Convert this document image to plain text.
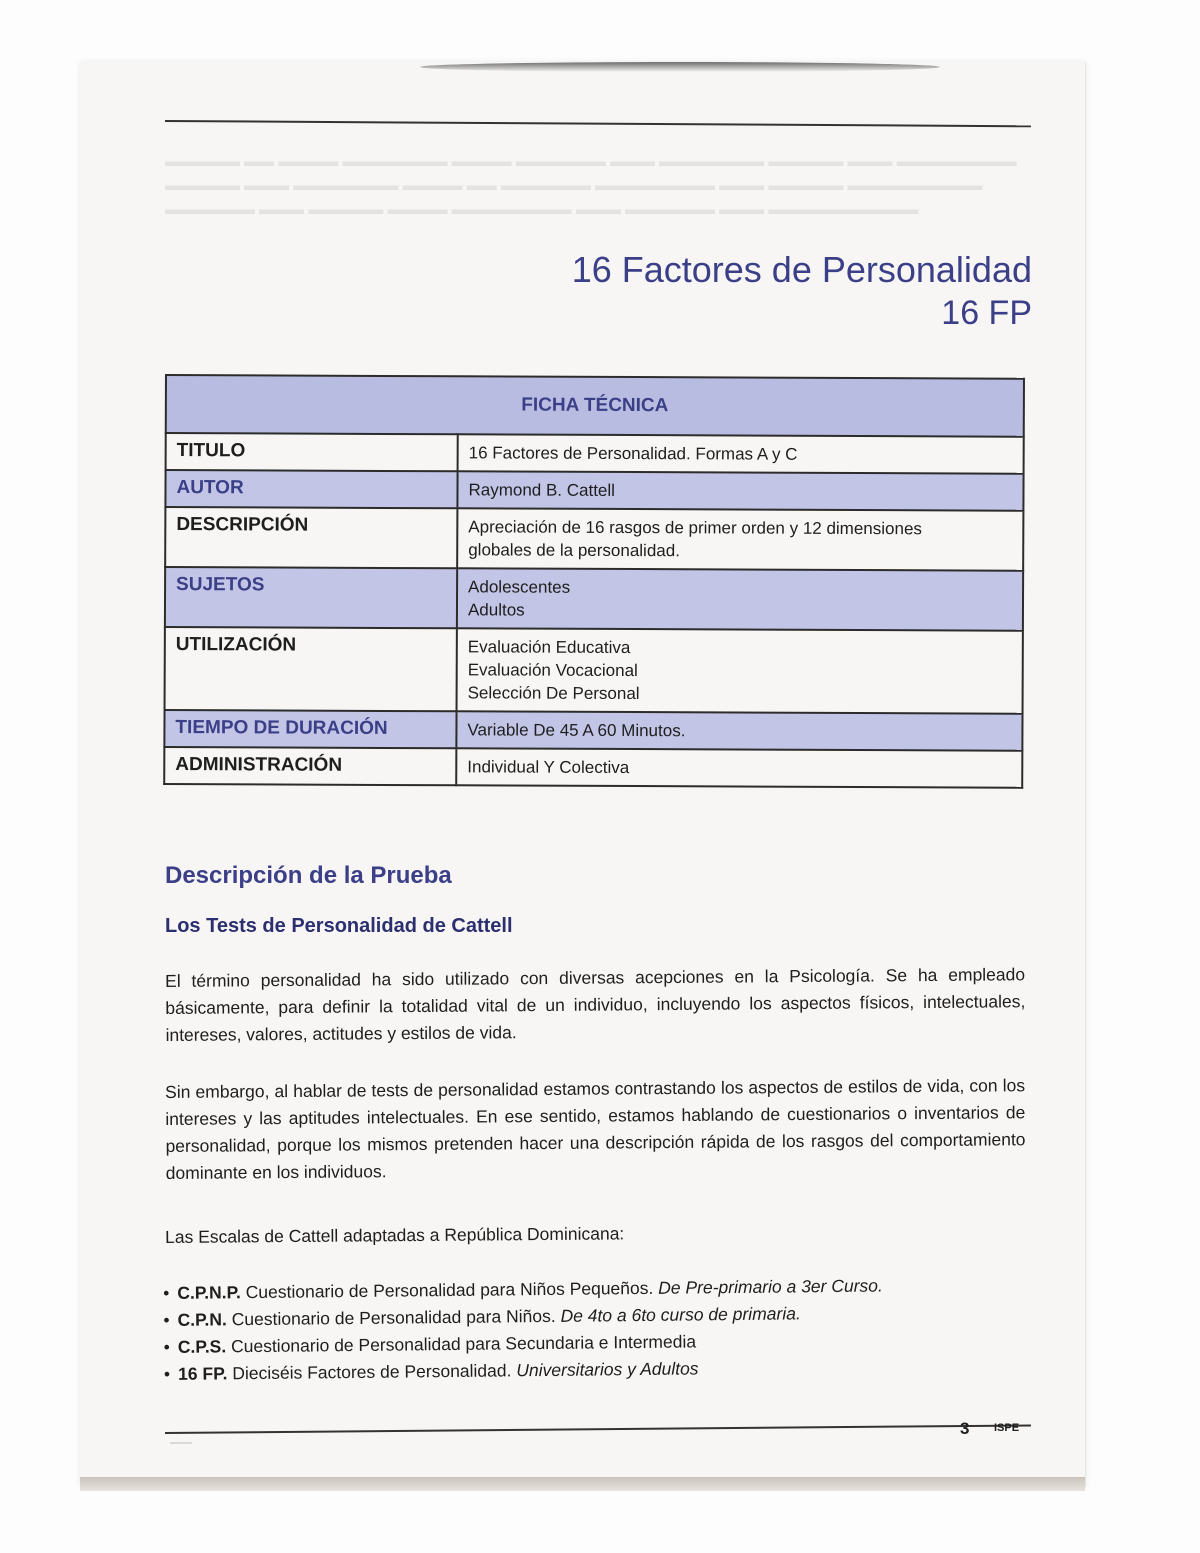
▬▬▬▬▬ ▬▬ ▬▬▬▬ ▬▬▬▬▬▬▬ ▬▬▬▬ ▬▬▬▬▬▬ ▬▬▬ ▬▬▬▬▬▬▬ ▬▬▬▬▬ ▬▬▬ ▬▬▬▬▬▬▬▬
▬▬▬▬▬ ▬▬▬ ▬▬▬▬▬▬▬ ▬▬▬▬ ▬▬ ▬▬▬▬▬▬ ▬▬▬▬▬▬▬▬ ▬▬▬ ▬▬▬▬▬ ▬▬▬▬▬▬▬▬▬
▬▬▬▬▬▬ ▬▬▬ ▬▬▬▬▬ ▬▬▬▬ ▬▬▬▬▬▬▬▬ ▬▬▬ ▬▬▬▬▬▬ ▬▬▬ ▬▬▬▬▬▬▬▬▬▬
16 Factores de Personalidad
16 FP
FICHA TÉCNICA	
TITULO	16 Factores de Personalidad. Formas A y C

AUTOR	Raymond B. Cattell

DESCRIPCIÓN	Apreciación de 16 rasgos de primer orden y 12 dimensiones
globales de la personalidad.

SUJETOS	Adolescentes
Adultos

UTILIZACIÓN	Evaluación Educativa
Evaluación Vocacional
Selección De Personal

TIEMPO DE DURACIÓN	Variable De 45 A 60 Minutos.

ADMINISTRACIÓN	Individual Y Colectiva
Descripción de la Prueba
Los Tests de Personalidad de Cattell

El término personalidad ha sido utilizado con diversas acepciones en la Psicología. Se ha empleado básicamente, para definir la totalidad vital de un individuo, incluyendo los aspectos físicos, intelectuales, intereses, valores, actitudes y estilos de vida.

Sin embargo, al hablar de tests de personalidad estamos contrastando los aspectos de estilos de vida, con los intereses y las aptitudes intelectuales. En ese sentido, estamos hablando de cuestionarios o inventarios de personalidad, porque los mismos pretenden hacer una descripción rápida de los rasgos del comportamiento dominante en los individuos.

Las Escalas de Cattell adaptadas a República Dominicana:

• C.P.N.P. Cuestionario de Personalidad para Niños Pequeños. De Pre-primario a 3er Curso.
• C.P.N. Cuestionario de Personalidad para Niños. De 4to a 6to curso de primaria.
• C.P.S. Cuestionario de Personalidad para Secundaria e Intermedia
• 16 FP. Dieciséis Factores de Personalidad. Universitarios y Adultos
3 ISPE
